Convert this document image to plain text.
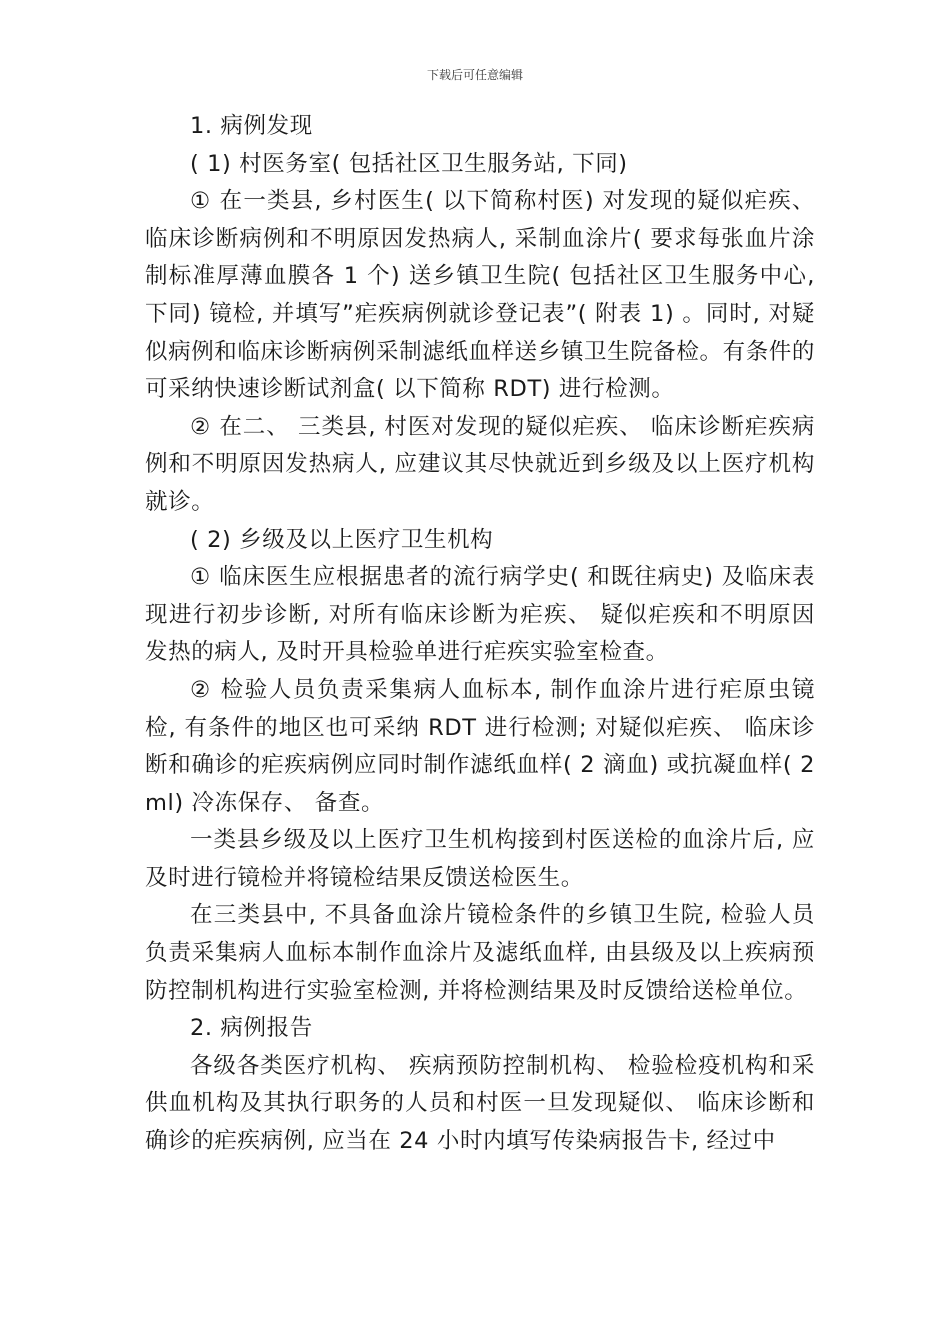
下载后可任意编辑

1. 病例发现

( 1) 村医务室( 包括社区卫生服务站, 下同)

① 在一类县, 乡村医生( 以下简称村医) 对发现的疑似疟疾、 临床诊断病例和不明原因发热病人, 采制血涂片( 要求每张血片涂制标准厚薄血膜各 1 个) 送乡镇卫生院( 包括社区卫生服务中心, 下同) 镜检, 并填写”疟疾病例就诊登记表”( 附表 1) 。同时, 对疑似病例和临床诊断病例采制滤纸血样送乡镇卫生院备检。有条件的可采纳快速诊断试剂盒( 以下简称 RDT) 进行检测。

② 在二、 三类县, 村医对发现的疑似疟疾、 临床诊断疟疾病例和不明原因发热病人, 应建议其尽快就近到乡级及以上医疗机构就诊。

( 2) 乡级及以上医疗卫生机构

① 临床医生应根据患者的流行病学史( 和既往病史) 及临床表现进行初步诊断, 对所有临床诊断为疟疾、 疑似疟疾和不明原因发热的病人, 及时开具检验单进行疟疾实验室检查。

② 检验人员负责采集病人血标本, 制作血涂片进行疟原虫镜检, 有条件的地区也可采纳 RDT 进行检测; 对疑似疟疾、 临床诊断和确诊的疟疾病例应同时制作滤纸血样( 2 滴血) 或抗凝血样( 2ml) 冷冻保存、 备查。

一类县乡级及以上医疗卫生机构接到村医送检的血涂片后, 应及时进行镜检并将镜检结果反馈送检医生。

在三类县中, 不具备血涂片镜检条件的乡镇卫生院, 检验人员负责采集病人血标本制作血涂片及滤纸血样, 由县级及以上疾病预防控制机构进行实验室检测, 并将检测结果及时反馈给送检单位。

2. 病例报告

各级各类医疗机构、 疾病预防控制机构、 检验检疫机构和采供血机构及其执行职务的人员和村医一旦发现疑似、 临床诊断和确诊的疟疾病例, 应当在 24 小时内填写传染病报告卡, 经过中
